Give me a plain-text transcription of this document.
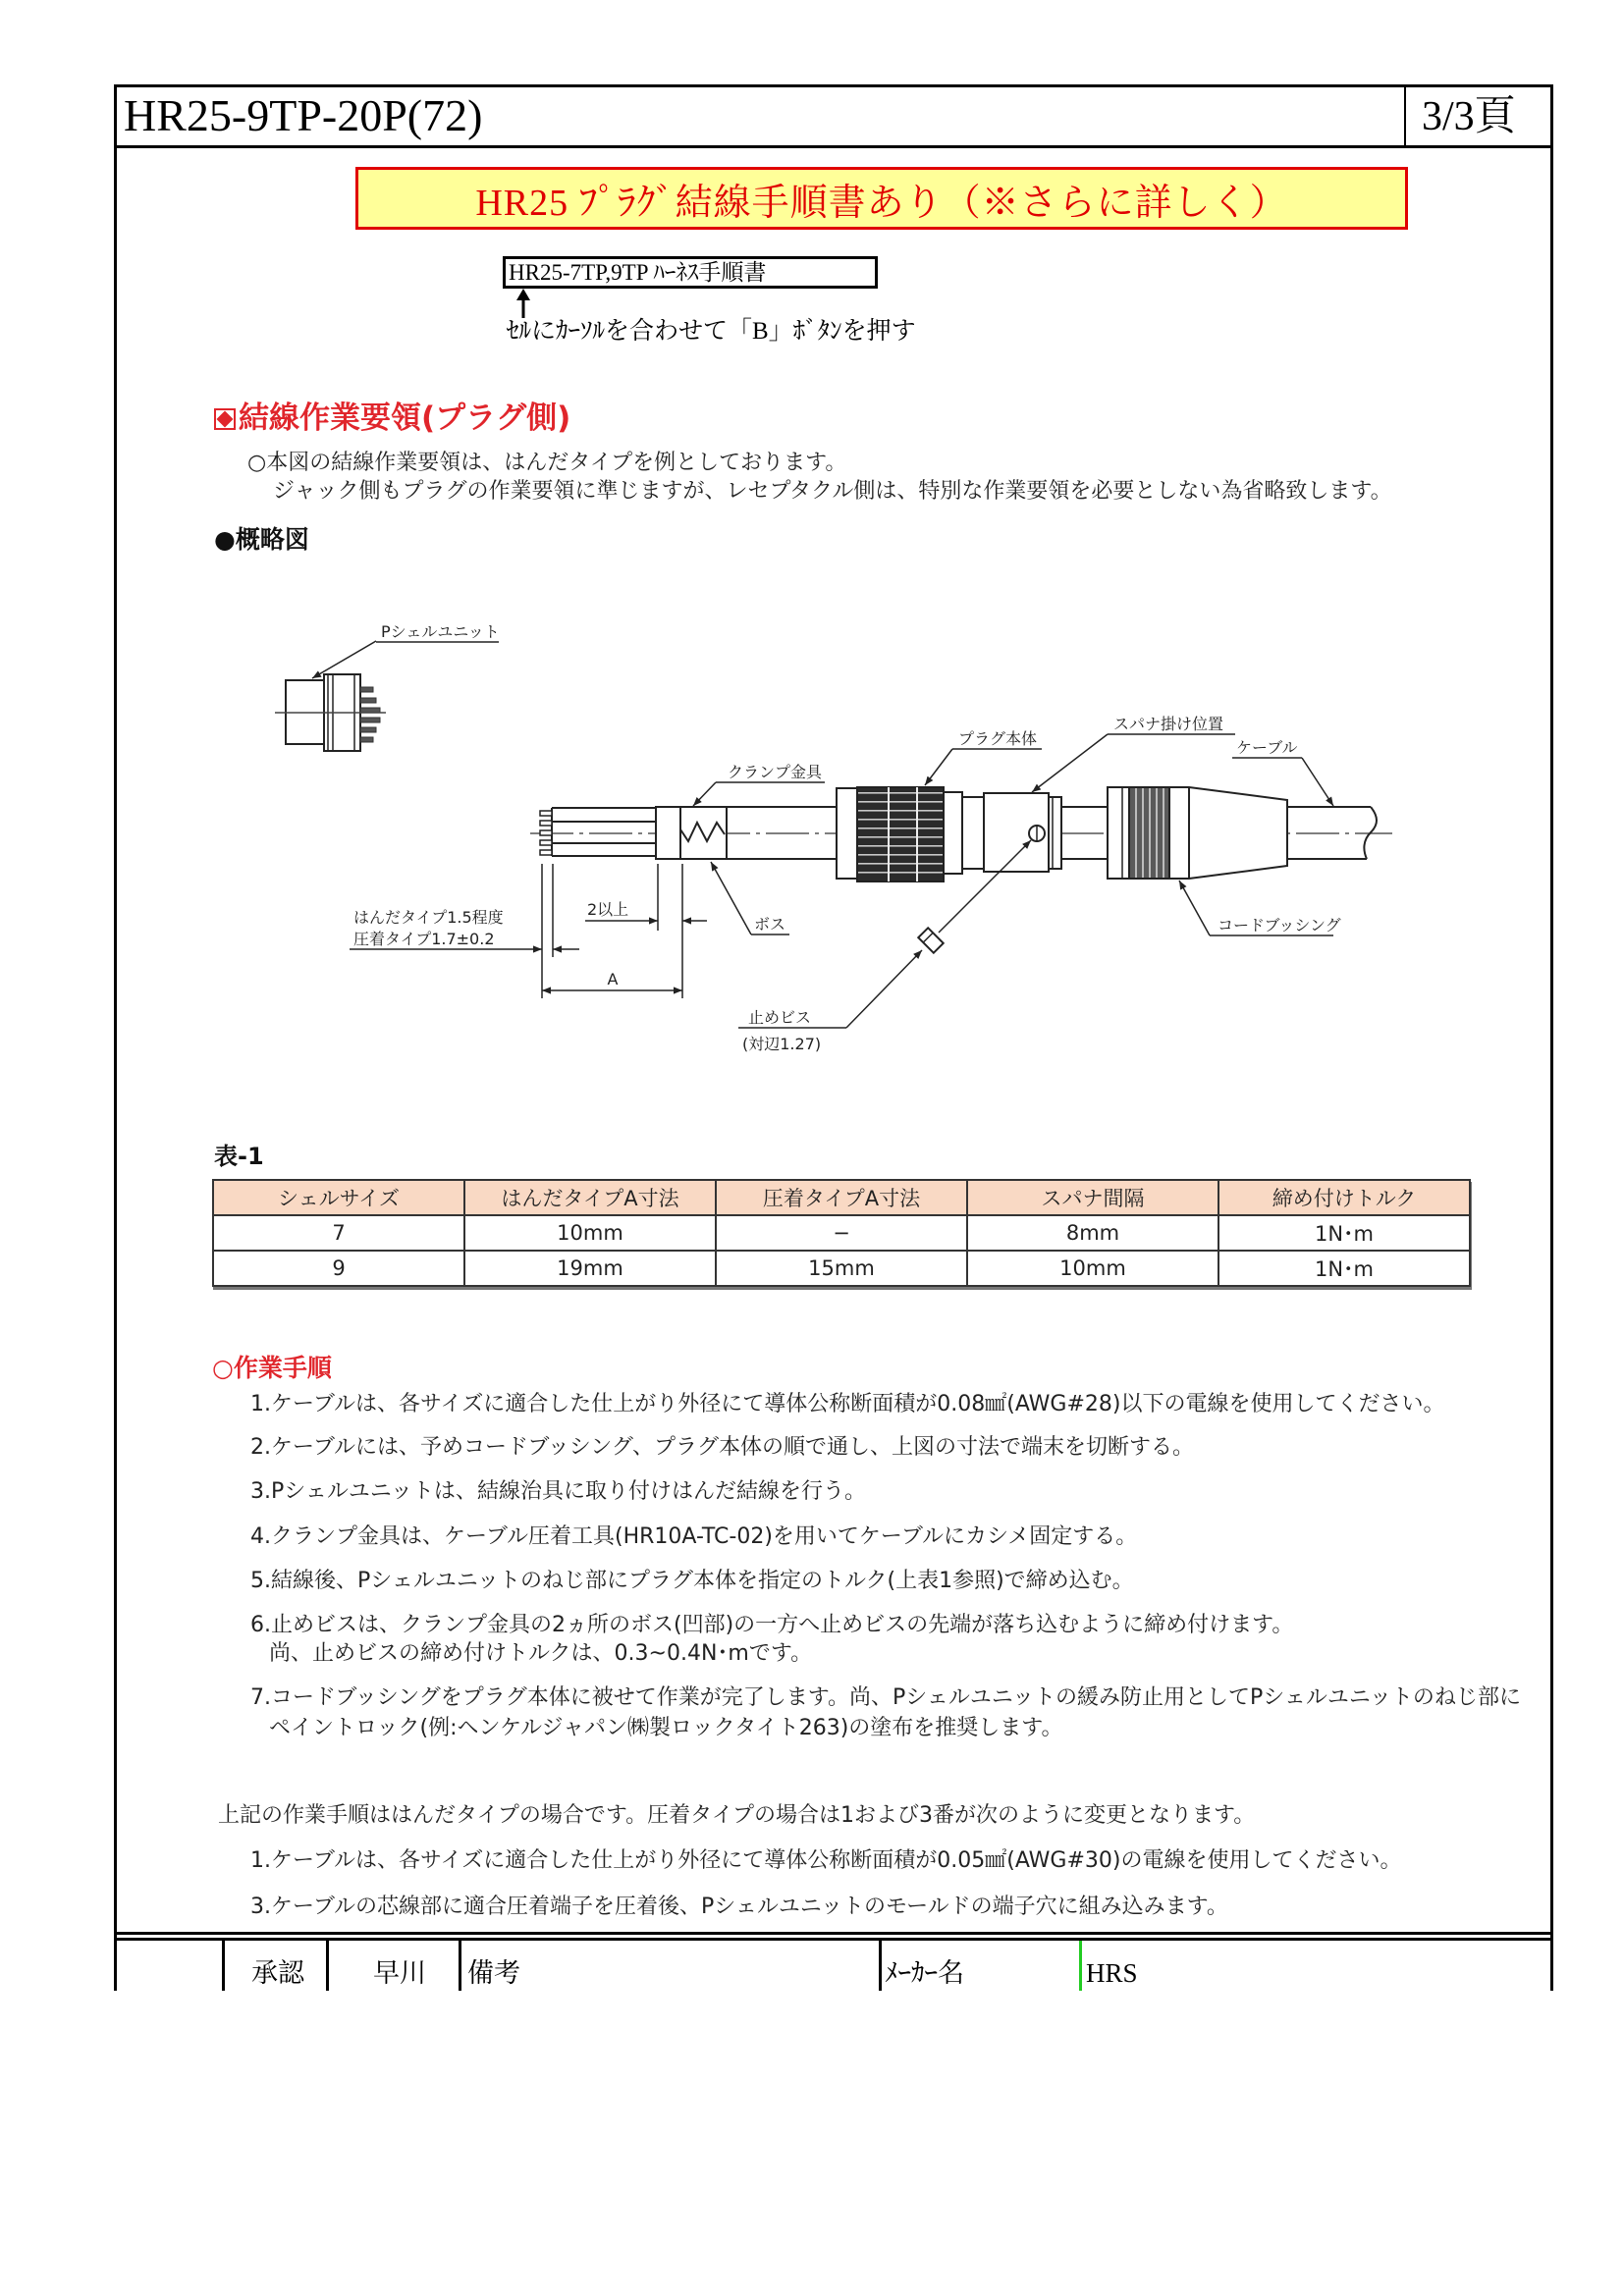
HR25-9TP-20P(72)	3/3頁
HR25 ﾌﾟﾗｸﾞ結線手順書あり（※さらに詳しく）
HR25-7TP,9TP ﾊｰﾈｽ手順書
ｾﾙにｶｰｿﾙを合わせて「B」ﾎﾞﾀﾝを押す
結線作業要領(プラグ側)
○本図の結線作業要領は、はんだタイプを例としております。
ジャック側もプラグの作業要領に準じますが、レセプタクル側は、特別な作業要領を必要としない為省略致します。
●概略図
Pシェルユニット
はんだタイプ1.5程度
圧着タイプ1.7±0.2
2以上
A
クランプ金具
ボス
プラグ本体
スパナ掛け位置
ケーブル
コードブッシング
止めビス
(対辺1.27)
表-1
シェルサイズ	はんだタイプA寸法	圧着タイプA寸法	スパナ間隔	締め付けトルク
7	10mm	−	8mm	1N･m
9	19mm	15mm	10mm	1N･m
○作業手順
1.ケーブルは、各サイズに適合した仕上がり外径にて導体公称断面積が0.08㎟(AWG#28)以下の電線を使用してください。
2.ケーブルには、予めコードブッシング、プラグ本体の順で通し、上図の寸法で端末を切断する。
3.Pシェルユニットは、結線治具に取り付けはんだ結線を行う。
4.クランプ金具は、ケーブル圧着工具(HR10A-TC-02)を用いてケーブルにカシメ固定する。
5.結線後、Pシェルユニットのねじ部にプラグ本体を指定のトルク(上表1参照)で締め込む。
6.止めビスは、クランプ金具の2ヵ所のボス(凹部)の一方へ止めビスの先端が落ち込むように締め付けます。
尚、止めビスの締め付けトルクは、0.3~0.4N･mです。
7.コードブッシングをプラグ本体に被せて作業が完了します。尚、Pシェルユニットの緩み防止用としてPシェルユニットのねじ部に
ペイントロック(例:ヘンケルジャパン㈱製ロックタイト263)の塗布を推奨します。
上記の作業手順ははんだタイプの場合です。圧着タイプの場合は1および3番が次のように変更となります。
1.ケーブルは、各サイズに適合した仕上がり外径にて導体公称断面積が0.05㎟(AWG#30)の電線を使用してください。
3.ケーブルの芯線部に適合圧着端子を圧着後、Pシェルユニットのモールドの端子穴に組み込みます。
承認	早川 備考	ﾒｰｶｰ名	HRS
